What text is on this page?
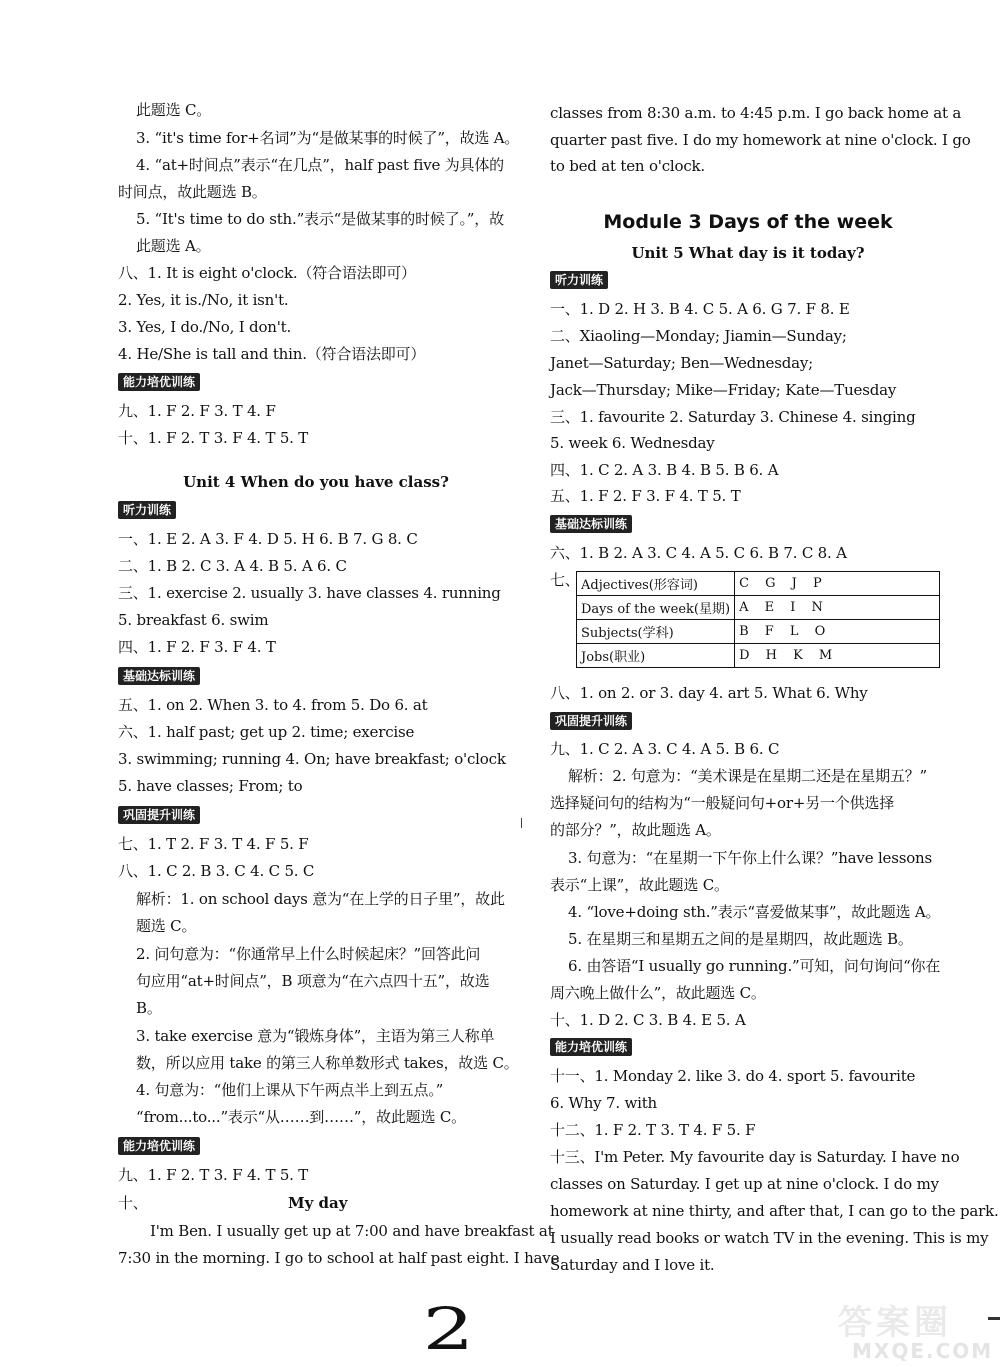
此题选 C。
3. “it's time for+名词”为“是做某事的时候了”，故选 A。
4. “at+时间点”表示“在几点”，half past five 为具体的
时间点，故此题选 B。
5. “It's time to do sth.”表示“是做某事的时候了。”，故
此题选 A。
八、1. It is eight o'clock.（符合语法即可）
2. Yes, it is./No, it isn't.
3. Yes, I do./No, I don't.
4. He/She is tall and thin.（符合语法即可）
能力培优训练
九、1. F 2. F 3. T 4. F
十、1. F 2. T 3. F 4. T 5. T
Unit 4 When do you have class?
听力训练
一、1. E 2. A 3. F 4. D 5. H 6. B 7. G 8. C
二、1. B 2. C 3. A 4. B 5. A 6. C
三、1. exercise 2. usually 3. have classes 4. running
5. breakfast 6. swim
四、1. F 2. F 3. F 4. T
基础达标训练
五、1. on 2. When 3. to 4. from 5. Do 6. at
六、1. half past; get up 2. time; exercise
3. swimming; running 4. On; have breakfast; o'clock
5. have classes; From; to
巩固提升训练
七、1. T 2. F 3. T 4. F 5. F
八、1. C 2. B 3. C 4. C 5. C
解析：1. on school days 意为“在上学的日子里”，故此
题选 C。
2. 问句意为：“你通常早上什么时候起床？”回答此问
句应用“at+时间点”，B 项意为“在六点四十五”，故选
B。
3. take exercise 意为“锻炼身体”，主语为第三人称单
数，所以应用 take 的第三人称单数形式 takes，故选 C。
4. 句意为：“他们上课从下午两点半上到五点。”
“from...to...”表示“从……到……”，故此题选 C。
能力培优训练
九、1. F 2. T 3. F 4. T 5. T
十、	My day
I'm Ben. I usually get up at 7:00 and have breakfast at
7:30 in the morning. I go to school at half past eight. I have
classes from 8:30 a.m. to 4:45 p.m. I go back home at a
quarter past five. I do my homework at nine o'clock. I go
to bed at ten o'clock.
Module 3 Days of the week
Unit 5 What day is it today?
听力训练
一、1. D 2. H 3. B 4. C 5. A 6. G 7. F 8. E
二、Xiaoling—Monday; Jiamin—Sunday;
Janet—Saturday; Ben—Wednesday;
Jack—Thursday; Mike—Friday; Kate—Tuesday
三、1. favourite 2. Saturday 3. Chinese 4. singing
5. week 6. Wednesday
四、1. C 2. A 3. B 4. B 5. B 6. A
五、1. F 2. F 3. F 4. T 5. T
基础达标训练
六、1. B 2. A 3. C 4. A 5. C 6. B 7. C 8. A
七、 Adjectives(形容词)	C G J P
Days of the week(星期)	A E I N
Subjects(学科)	B F L O
Jobs(职业)	D H K M
八、1. on 2. or 3. day 4. art 5. What 6. Why
巩固提升训练
九、1. C 2. A 3. C 4. A 5. B 6. C
解析：2. 句意为：“美术课是在星期二还是在星期五？”
选择疑问句的结构为“一般疑问句+or+另一个供选择
的部分？”，故此题选 A。
3. 句意为：“在星期一下午你上什么课？”have lessons
表示“上课”，故此题选 C。
4. “love+doing sth.”表示“喜爱做某事”，故此题选 A。
5. 在星期三和星期五之间的是星期四，故此题选 B。
6. 由答语“I usually go running.”可知，问句询问“你在
周六晚上做什么”，故此题选 C。
十、1. D 2. C 3. B 4. E 5. A
能力培优训练
十一、1. Monday 2. like 3. do 4. sport 5. favourite
6. Why 7. with
十二、1. F 2. T 3. T 4. F 5. F
十三、I'm Peter. My favourite day is Saturday. I have no
classes on Saturday. I get up at nine o'clock. I do my
homework at nine thirty, and after that, I can go to the park.
I usually read books or watch TV in the evening. This is my
Saturday and I love it.
2	答案圈
MXQE.COM
